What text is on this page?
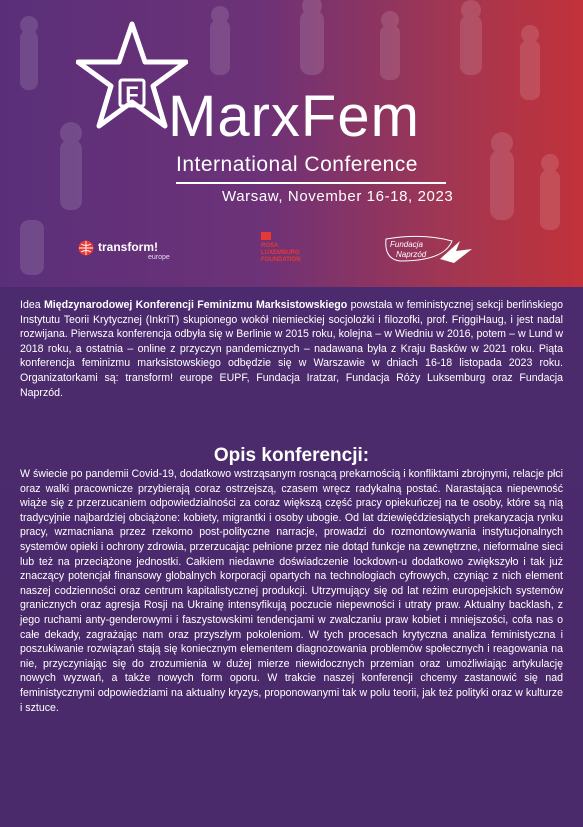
F MarxFem

International Conference

Warsaw, November 16-18, 2023

transform!
europe
ROSA
LUXEMBURG
FOUNDATION
Fundacja
Naprzód

Idea Międzynarodowej Konferencji Feminizmu Marksistowskiego powstała w feministycznej sekcji berlińskiego Instytutu Teorii Krytycznej (InkriT) skupionego wokół niemieckiej socjolożki i filozofki, prof. FriggiHaug, i jest nadal rozwijana. Pierwsza konferencja odbyła się w Berlinie w 2015 roku, kolejna – w Wiedniu w 2016, potem – w Lund w 2018 roku, a ostatnia – online z przyczyn pandemicznych – nadawana była z Kraju Basków w 2021 roku. Piąta konferencja feminizmu marksistowskiego odbędzie się w Warszawie w dniach 16-18 listopada 2023 roku. Organizatorkami są: transform! europe EUPF, Fundacja Iratzar, Fundacja Róży Luksemburg oraz Fundacja Naprzód.

Opis konferencji:

W świecie po pandemii Covid-19, dodatkowo wstrząsanym rosnącą prekarnością i konfliktami zbrojnymi, relacje płci oraz walki pracownicze przybierają coraz ostrzejszą, czasem wręcz radykalną postać. Narastająca niepewność wiąże się z przerzucaniem odpowiedzialności za coraz większą część pracy opiekuńczej na te osoby, które są nią tradycyjnie najbardziej obciążone: kobiety, migrantki i osoby ubogie. Od lat dziewięćdziesiątych prekaryzacja rynku pracy, wzmacniana przez rzekomo post-polityczne narracje, prowadzi do rozmontowywania instytucjonalnych systemów opieki i ochrony zdrowia, przerzucając pełnione przez nie dotąd funkcje na zewnętrzne, nieformalne sieci lub też na przeciążone jednostki. Całkiem niedawne doświadczenie lockdown-u dodatkowo zwiększyło i tak już znaczący potencjał finansowy globalnych korporacji opartych na technologiach cyfrowych, czyniąc z nich element naszej codzienności oraz centrum kapitalistycznej produkcji. Utrzymujący się od lat reżim europejskich systemów granicznych oraz agresja Rosji na Ukrainę intensyfikują poczucie niepewności i utraty praw. Aktualny backlash, z jego ruchami anty-genderowymi i faszystowskimi tendencjami w zwalczaniu praw kobiet i mniejszości, cofa nas o całe dekady, zagrażając nam oraz przyszłym pokoleniom. W tych procesach krytyczna analiza feministyczna i poszukiwanie rozwiązań stają się koniecznym elementem diagnozowania problemów społecznych i reagowania na nie, przyczyniając się do zrozumienia w dużej mierze niewidocznych przemian oraz umożliwiając artykulację nowych wyzwań, a także nowych form oporu. W trakcie naszej konferencji chcemy zastanowić się nad feministycznymi odpowiedziami na aktualny kryzys, proponowanymi tak w polu teorii, jak też polityki oraz w kulturze i sztuce.
